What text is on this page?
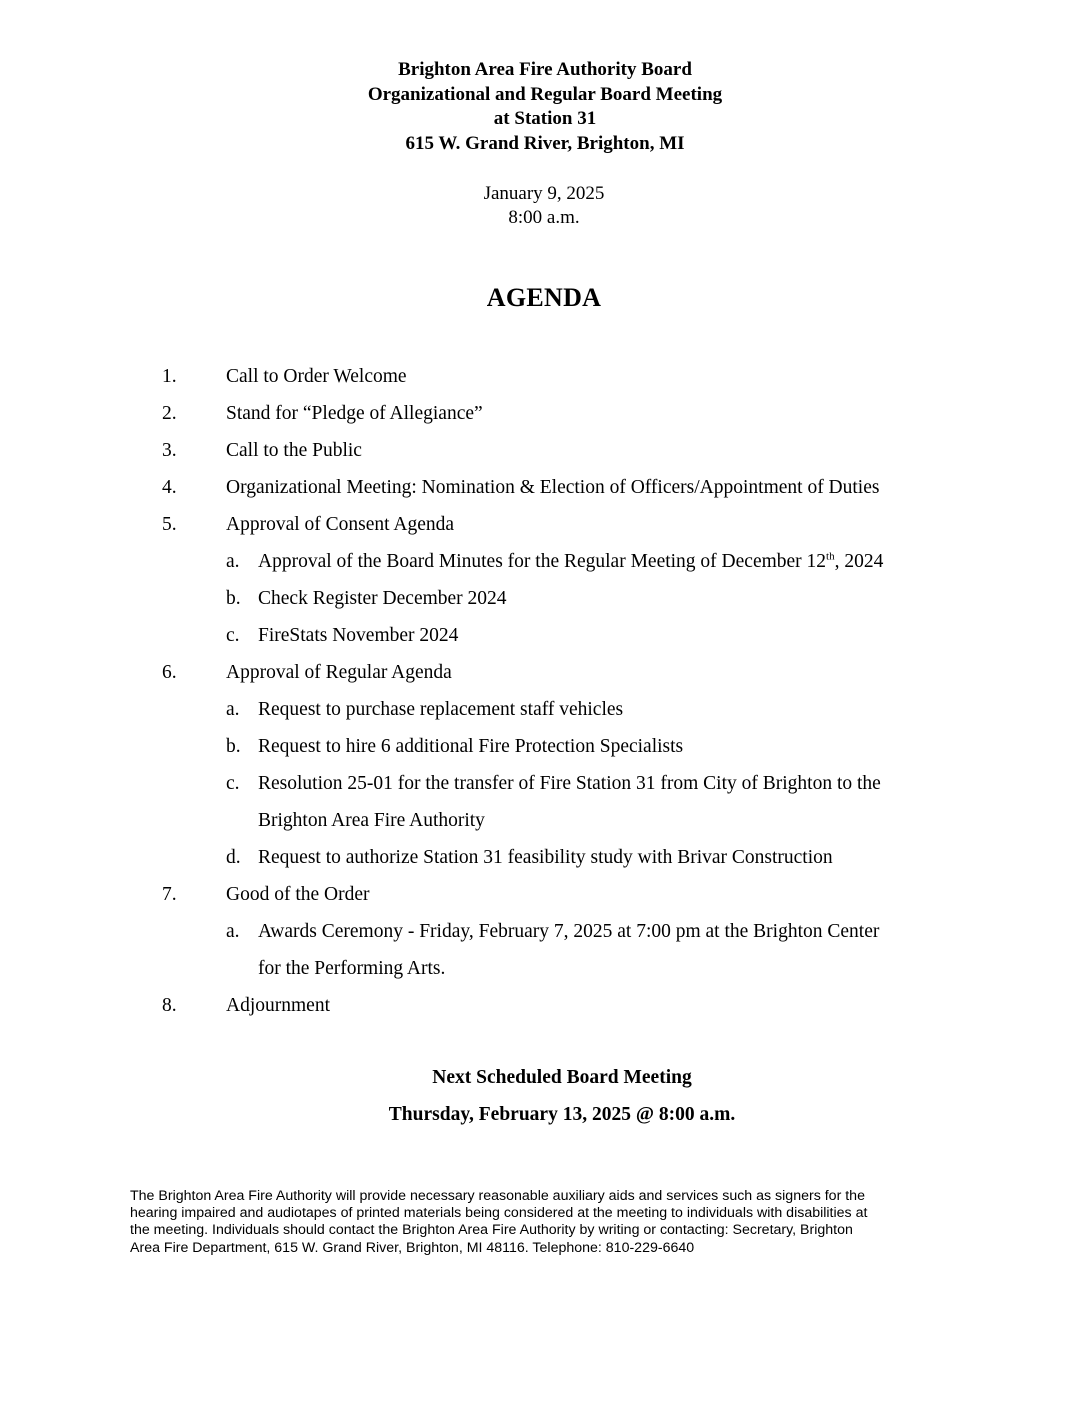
Brighton Area Fire Authority Board
Organizational and Regular Board Meeting
at Station 31
615 W. Grand River, Brighton, MI
January 9, 2025
8:00 a.m.
AGENDA
1.	Call to Order Welcome
2.	Stand for “Pledge of Allegiance”
3.	Call to the Public
4.	Organizational Meeting: Nomination & Election of Officers/Appointment of Duties
5.	Approval of Consent Agenda
a. Approval of the Board Minutes for the Regular Meeting of December 12th, 2024
b. Check Register December 2024
c. FireStats November 2024
6.	Approval of Regular Agenda
a. Request to purchase replacement staff vehicles
b. Request to hire 6 additional Fire Protection Specialists
c. Resolution 25-01 for the transfer of Fire Station 31 from City of Brighton to the
Brighton Area Fire Authority
d. Request to authorize Station 31 feasibility study with Brivar Construction
7.	Good of the Order
a. Awards Ceremony - Friday, February 7, 2025 at 7:00 pm at the Brighton Center
for the Performing Arts.
8.	Adjournment
Next Scheduled Board Meeting
Thursday, February 13, 2025 @ 8:00 a.m.
The Brighton Area Fire Authority will provide necessary reasonable auxiliary aids and services such as signers for the
hearing impaired and audiotapes of printed materials being considered at the meeting to individuals with disabilities at
the meeting. Individuals should contact the Brighton Area Fire Authority by writing or contacting: Secretary, Brighton
Area Fire Department, 615 W. Grand River, Brighton, MI 48116. Telephone: 810-229-6640
